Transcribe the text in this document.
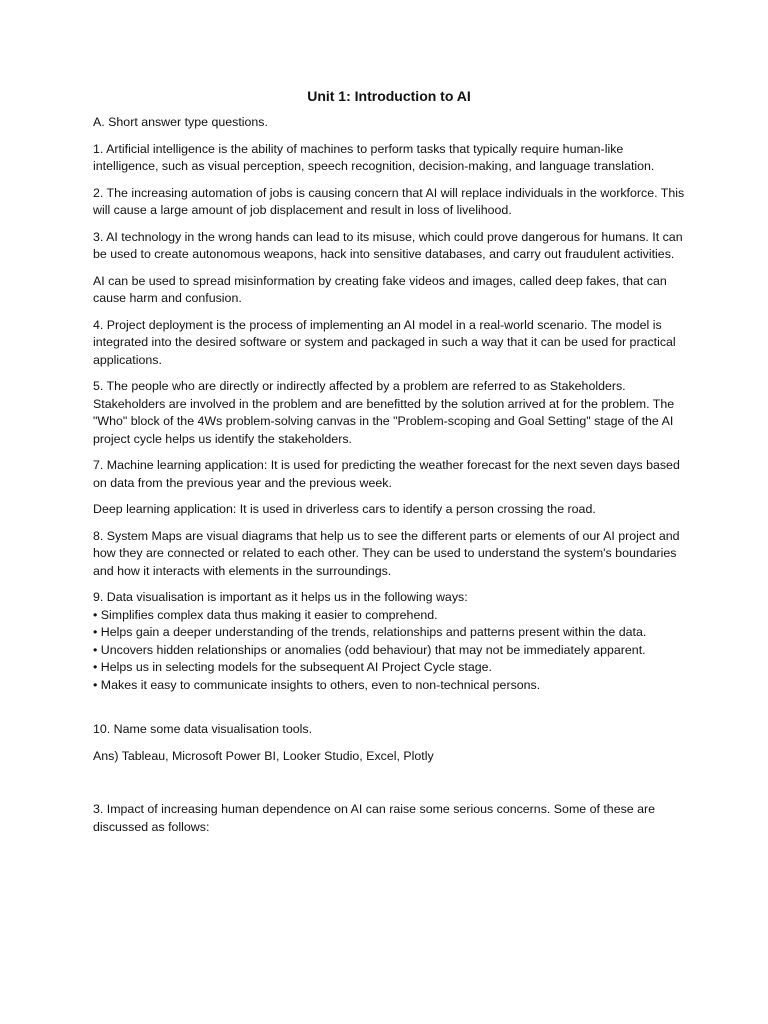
Unit 1: Introduction to AI

A. Short answer type questions.

1. Artificial intelligence is the ability of machines to perform tasks that typically require human-like intelligence, such as visual perception, speech recognition, decision-making, and language translation.

2. The increasing automation of jobs is causing concern that AI will replace individuals in the workforce. This will cause a large amount of job displacement and result in loss of livelihood.

3. AI technology in the wrong hands can lead to its misuse, which could prove dangerous for humans. It can be used to create autonomous weapons, hack into sensitive databases, and carry out fraudulent activities.

AI can be used to spread misinformation by creating fake videos and images, called deep fakes, that can cause harm and confusion.

4. Project deployment is the process of implementing an AI model in a real-world scenario. The model is integrated into the desired software or system and packaged in such a way that it can be used for practical applications.

5. The people who are directly or indirectly affected by a problem are referred to as Stakeholders. Stakeholders are involved in the problem and are benefitted by the solution arrived at for the problem. The "Who" block of the 4Ws problem-solving canvas in the "Problem-scoping and Goal Setting" stage of the AI project cycle helps us identify the stakeholders.

7. Machine learning application: It is used for predicting the weather forecast for the next seven days based on data from the previous year and the previous week.

Deep learning application: It is used in driverless cars to identify a person crossing the road.

8. System Maps are visual diagrams that help us to see the different parts or elements of our AI project and how they are connected or related to each other. They can be used to understand the system's boundaries and how it interacts with elements in the surroundings.

9. Data visualisation is important as it helps us in the following ways:

• Simplifies complex data thus making it easier to comprehend.

• Helps gain a deeper understanding of the trends, relationships and patterns present within the data.

• Uncovers hidden relationships or anomalies (odd behaviour) that may not be immediately apparent.

• Helps us in selecting models for the subsequent AI Project Cycle stage.

• Makes it easy to communicate insights to others, even to non-technical persons.

10. Name some data visualisation tools.

Ans) Tableau, Microsoft Power BI, Looker Studio, Excel, Plotly

3. Impact of increasing human dependence on AI can raise some serious concerns. Some of these are discussed as follows:
